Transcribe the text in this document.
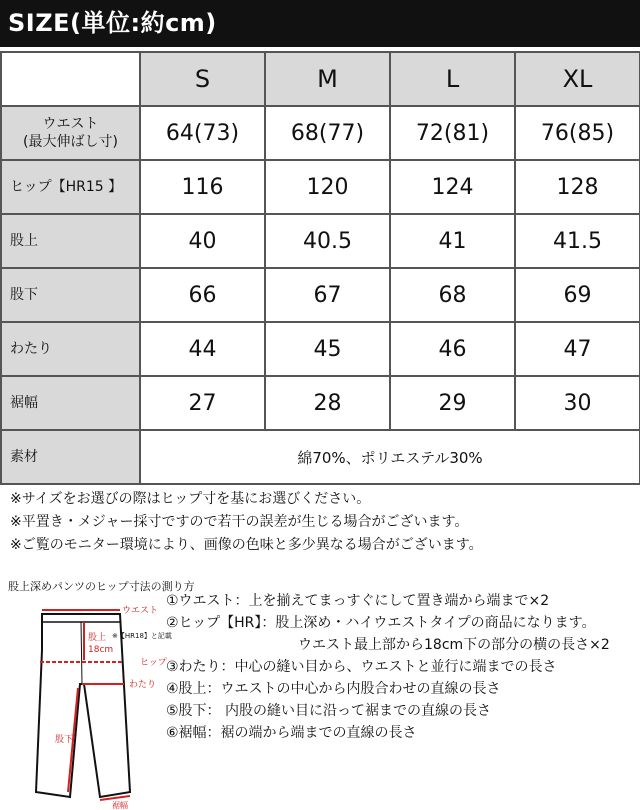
SIZE(単位:約cm)
	S	M	L	XL
ウエスト
(最大伸ばし寸)	64(73)	68(77)	72(81)	76(85)
ヒップ【HR15 】	116	120	124	128
股上	40	40.5	41	41.5
股下	66	67	68	69
わたり	44	45	46	47
裾幅	27	28	29	30
素材	綿70%、ポリエステル30%			
※サイズをお選びの際はヒップ寸を基にお選びください。
※平置き・メジャー採寸ですので若干の誤差が生じる場合がございます。
※ご覧のモニター環境により、画像の色味と多少異なる場合がございます。
股上深めパンツのヒップ寸法の測り方
ウエスト
股上
18cm
※【HR18】と記載
ヒップ
わたり
股下
裾幅
①ウエスト：上を揃えてまっすぐにして置き端から端まで×2
②ヒップ【HR】：股上深め・ハイウエストタイプの商品になります。
ウエスト最上部から18cm下の部分の横の長さ×2
③わたり：中心の縫い目から、ウエストと並行に端までの長さ
④股上：ウエストの中心から内股合わせの直線の長さ
⑤股下： 内股の縫い目に沿って裾までの直線の長さ
⑥裾幅：裾の端から端までの直線の長さ
